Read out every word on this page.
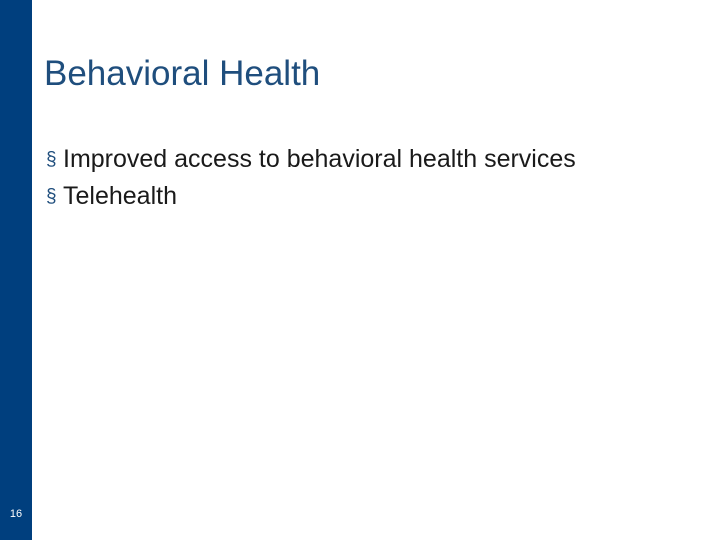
16
Behavioral Health
§ Improved access to behavioral health services
§ Telehealth
